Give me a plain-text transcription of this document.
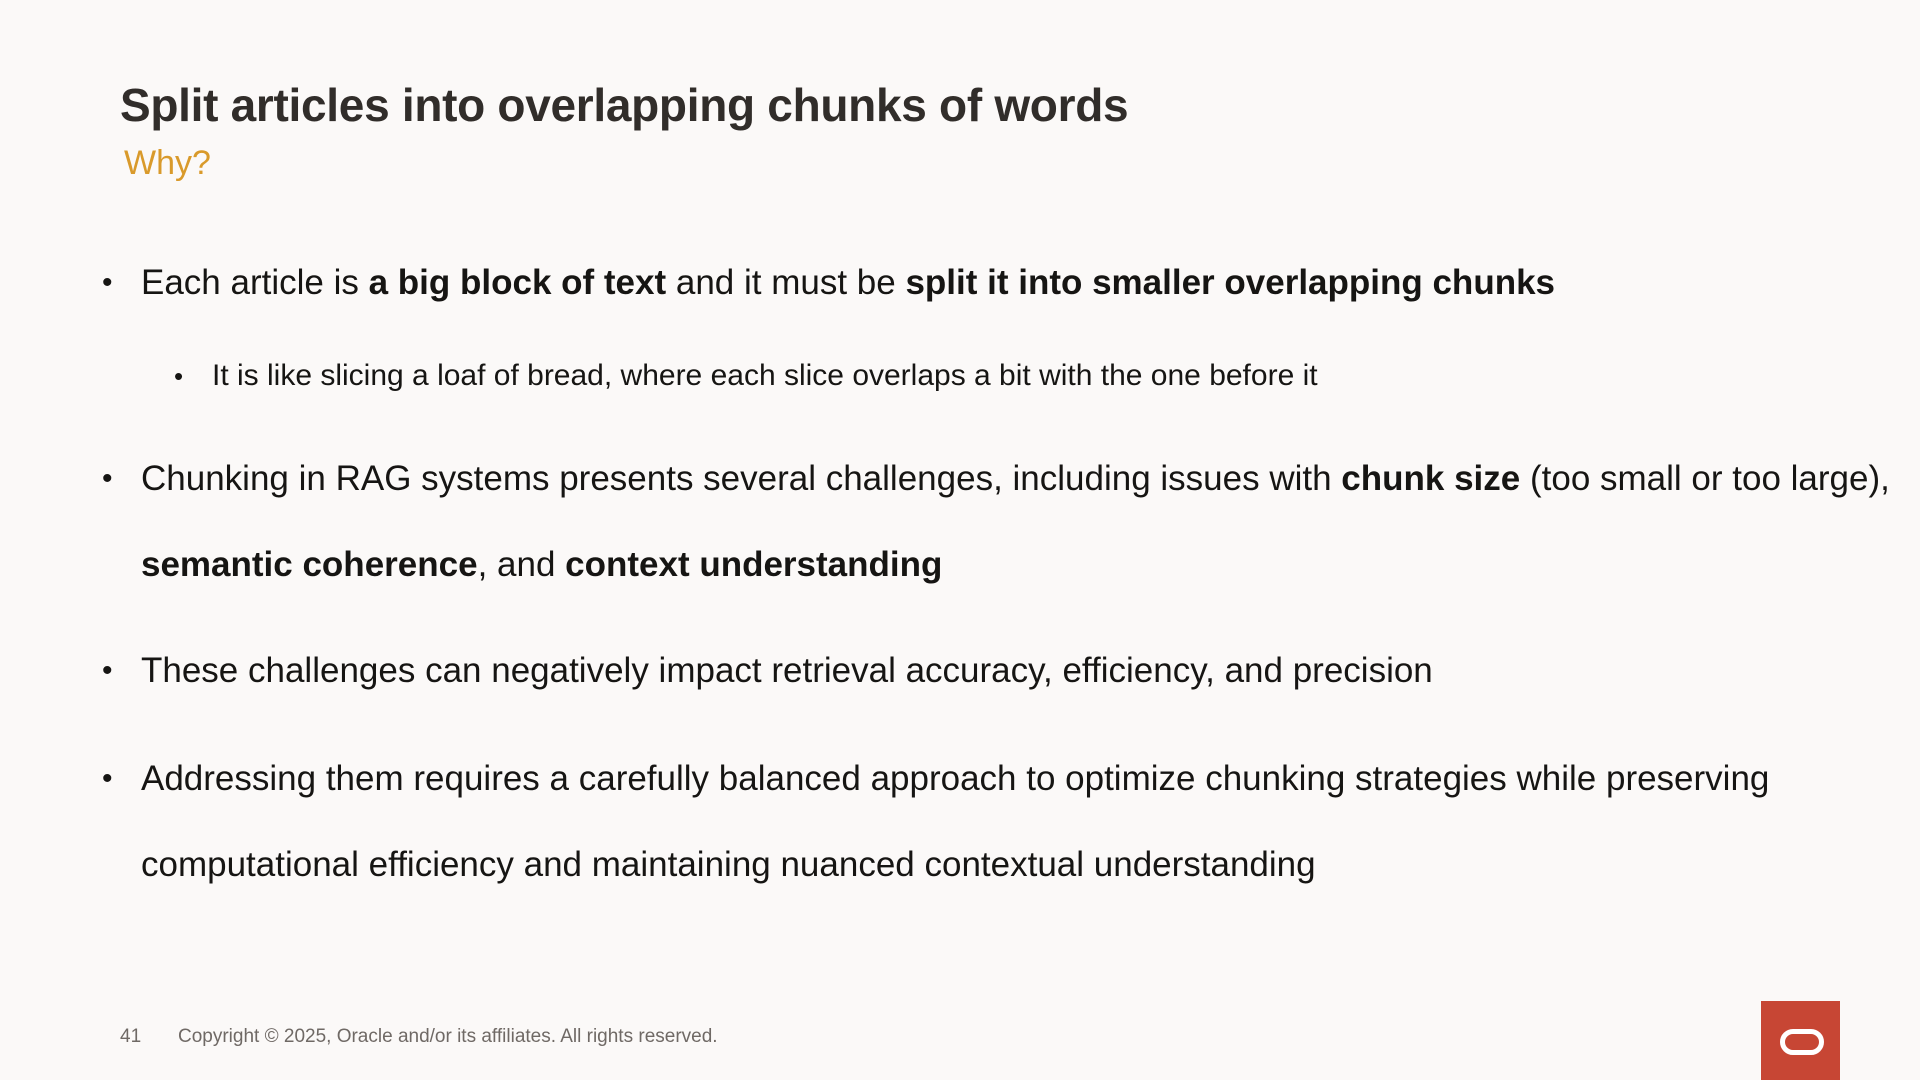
Split articles into overlapping chunks of words
Why?
• Each article is a big block of text and it must be split it into smaller overlapping chunks
• It is like slicing a loaf of bread, where each slice overlaps a bit with the one before it
• Chunking in RAG systems presents several challenges, including issues with chunk size (too small or too large), semantic coherence, and context understanding
• These challenges can negatively impact retrieval accuracy, efficiency, and precision
• Addressing them requires a carefully balanced approach to optimize chunking strategies while preserving computational efficiency and maintaining nuanced contextual understanding
41 Copyright © 2025, Oracle and/or its affiliates. All rights reserved.
